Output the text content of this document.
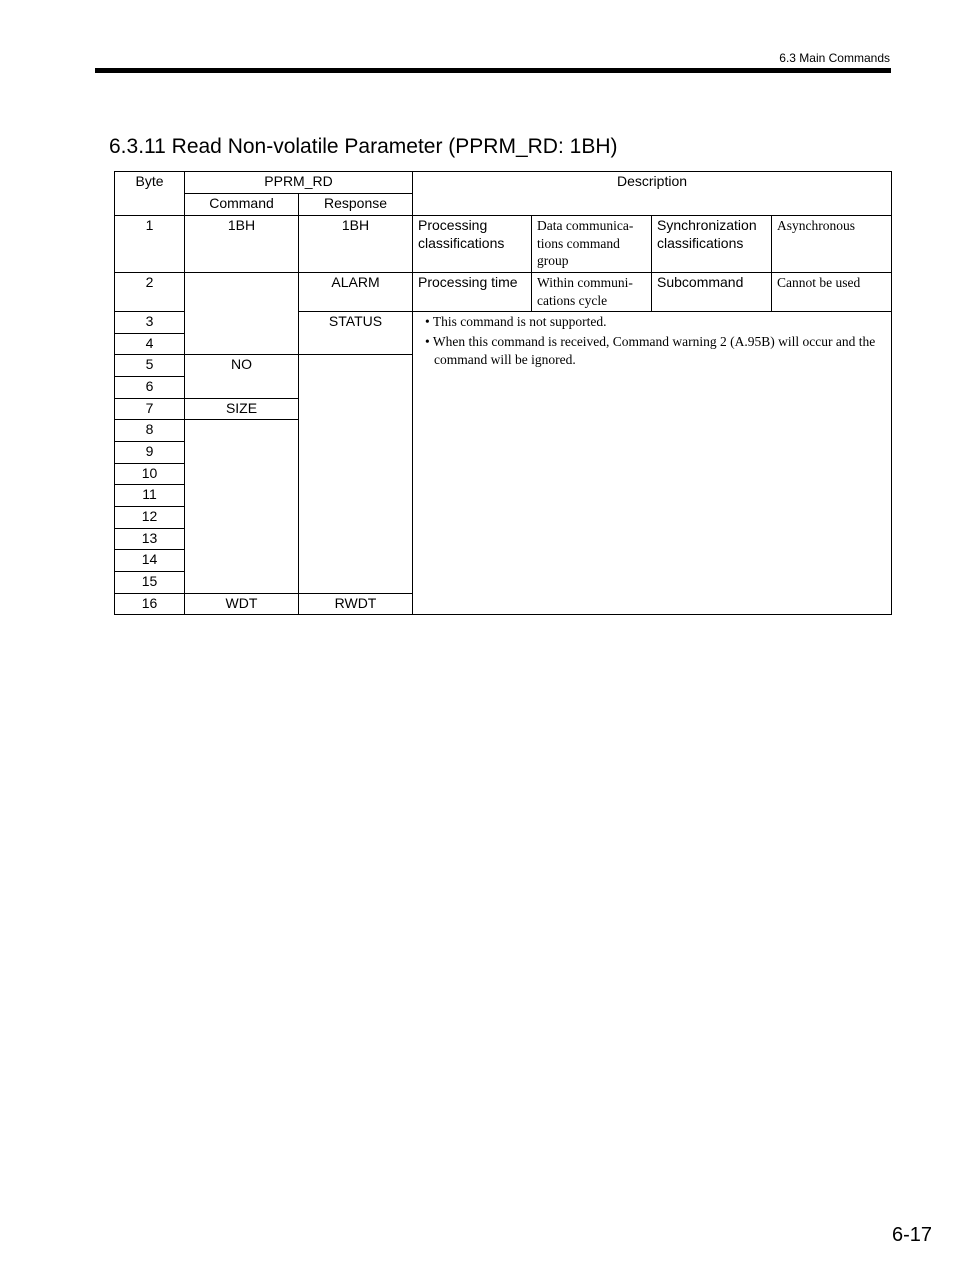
6.3 Main Commands
6.3.11 Read Non-volatile Parameter (PPRM_RD: 1BH)
Byte	PPRM_RD		Description			
	Command	Response				
1	1BH	1BH	Processing classifications	Data communica-tions command group	Synchronization classifications	Asynchronous
2		ALARM	Processing time	Within communi-cations cycle	Subcommand	Cannot be used
3		STATUS	• This command is not supported.

• When this command is received, Command warning 2 (A.95B) will occur and the command will be ignored.			

4						
5	NO					
6						
7	SIZE					
8						
9						
10						
11						
12						
13						
14						
15						
16	WDT	RWDT				
6-17
